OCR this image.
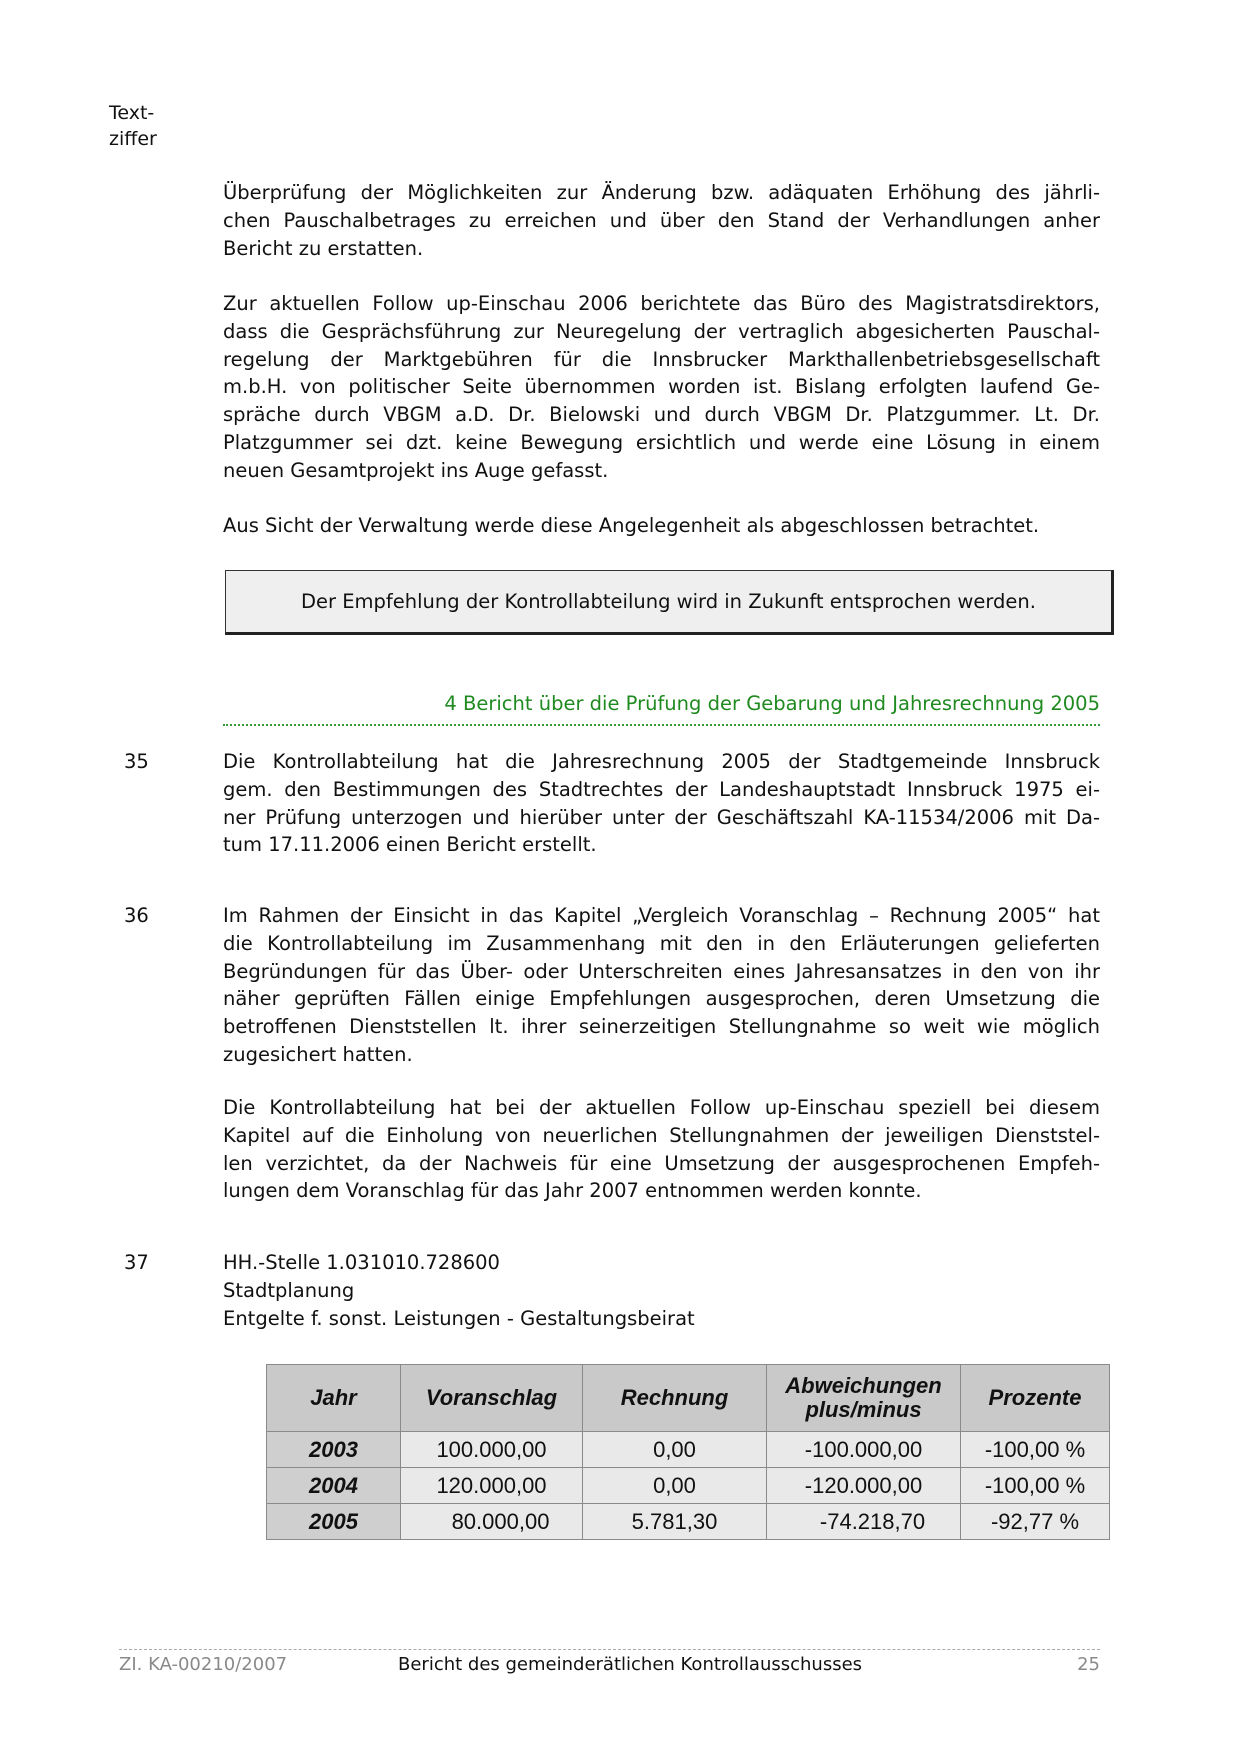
Text-
ziffer
Überprüfung der Möglichkeiten zur Änderung bzw. adäquaten Erhöhung des jährli-
chen Pauschalbetrages zu erreichen und über den Stand der Verhandlungen anher
Bericht zu erstatten.
Zur aktuellen Follow up-Einschau 2006 berichtete das Büro des Magistratsdirektors,
dass die Gesprächsführung zur Neuregelung der vertraglich abgesicherten Pauschal-
regelung der Marktgebühren für die Innsbrucker Markthallenbetriebsgesellschaft
m.b.H. von politischer Seite übernommen worden ist. Bislang erfolgten laufend Ge-
spräche durch VBGM a.D. Dr. Bielowski und durch VBGM Dr. Platzgummer. Lt. Dr.
Platzgummer sei dzt. keine Bewegung ersichtlich und werde eine Lösung in einem
neuen Gesamtprojekt ins Auge gefasst.
Aus Sicht der Verwaltung werde diese Angelegenheit als abgeschlossen betrachtet.
Der Empfehlung der Kontrollabteilung wird in Zukunft entsprochen werden.
4 Bericht über die Prüfung der Gebarung und Jahresrechnung 2005
35	Die Kontrollabteilung hat die Jahresrechnung 2005 der Stadtgemeinde Innsbruck
gem. den Bestimmungen des Stadtrechtes der Landeshauptstadt Innsbruck 1975 ei-
ner Prüfung unterzogen und hierüber unter der Geschäftszahl KA-11534/2006 mit Da-
tum 17.11.2006 einen Bericht erstellt.
36	Im Rahmen der Einsicht in das Kapitel „Vergleich Voranschlag – Rechnung 2005“ hat
die Kontrollabteilung im Zusammenhang mit den in den Erläuterungen gelieferten
Begründungen für das Über- oder Unterschreiten eines Jahresansatzes in den von ihr
näher geprüften Fällen einige Empfehlungen ausgesprochen, deren Umsetzung die
betroffenen Dienststellen lt. ihrer seinerzeitigen Stellungnahme so weit wie möglich
zugesichert hatten.
Die Kontrollabteilung hat bei der aktuellen Follow up-Einschau speziell bei diesem
Kapitel auf die Einholung von neuerlichen Stellungnahmen der jeweiligen Dienststel-
len verzichtet, da der Nachweis für eine Umsetzung der ausgesprochenen Empfeh-
lungen dem Voranschlag für das Jahr 2007 entnommen werden konnte.
37	HH.-Stelle 1.031010.728600
Stadtplanung
Entgelte f. sonst. Leistungen - Gestaltungsbeirat
Jahr	Voranschlag	Rechnung	Abweichungen plus/minus	Prozente
2003	100.000,00	0,00	-100.000,00	-100,00 %
2004	120.000,00	0,00	-120.000,00	-100,00 %
2005	80.000,00	5.781,30	-74.218,70	-92,77 %
ZI. KA-00210/2007	Bericht des gemeinderätlichen Kontrollausschusses	25
